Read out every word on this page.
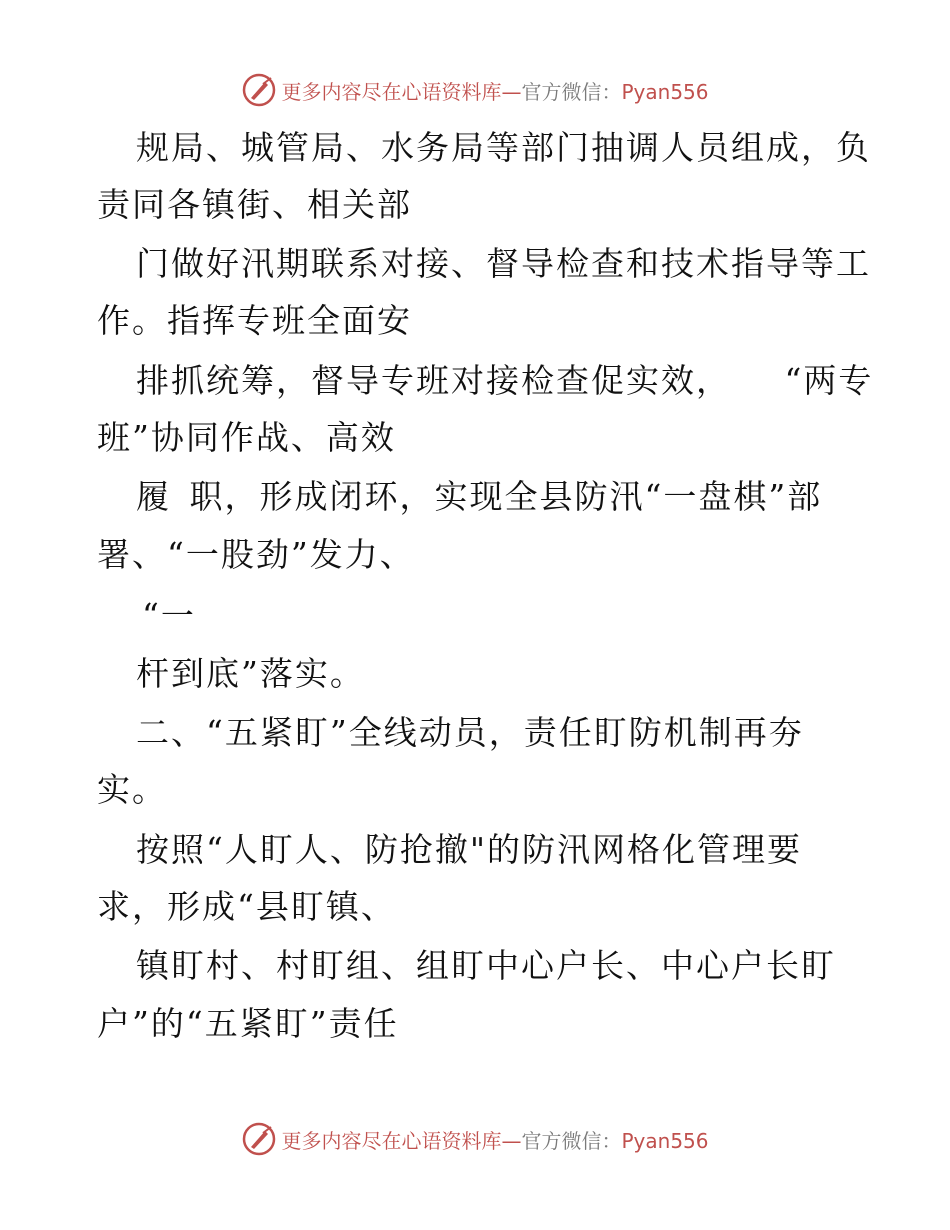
更多内容尽在心语资料库—官方微信：Pyan556
规局、城管局、水务局等部门抽调人员组成，负
责同各镇街、相关部
门做好汛期联系对接、督导检查和技术指导等工
作。指挥专班全面安
排抓统筹，督导专班对接检查促实效，　　“两专
班”协同作战、高效
履 职，形成闭环，实现全县防汛“一盘棋”部
署、“一股劲”发力、
“一
杆到底”落实。
二、“五紧盯”全线动员，责任盯防机制再夯
实。
按照“人盯人、防抢撤"的防汛网格化管理要
求，形成“县盯镇、
镇盯村、村盯组、组盯中心户长、中心户长盯
户”的“五紧盯”责任
更多内容尽在心语资料库—官方微信：Pyan556
